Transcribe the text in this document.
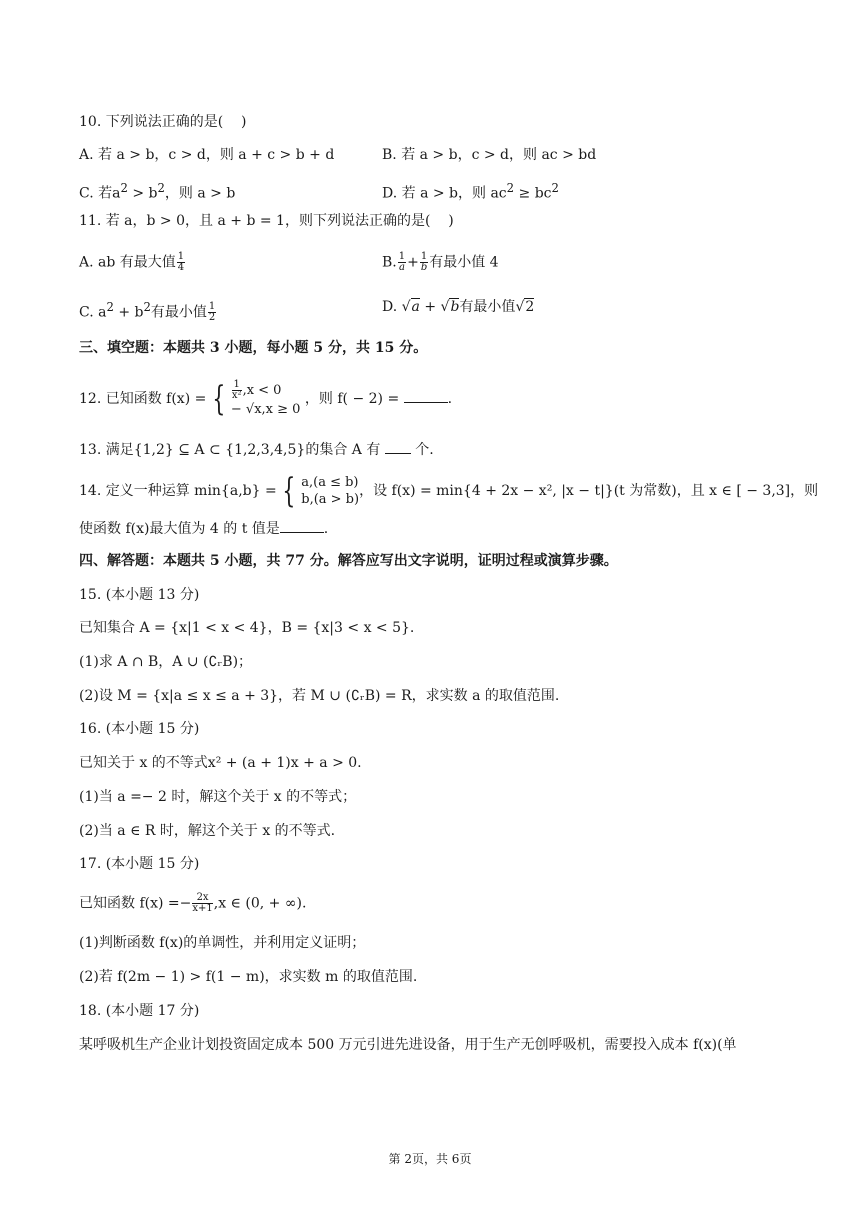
10. 下列说法正确的是(    )
A. 若 a > b，c > d，则 a + c > b + d	B. 若 a > b，c > d，则 ac > bd
C. 若$a^2 > b^2$，则 a > b	D. 若 a > b，则 $ac^2 \ge bc^2$
11. 若 a，b > 0，且 a + b = 1，则下列说法正确的是(    )
A. ab 有最大值 $\frac{1}{4}$	B. $\frac{1}{a} + \frac{1}{b}$ 有最小值 4
C. $a^2 + b^2$有最小值 $\frac{1}{2}$	D. √a + √b有最小值√2
三、填空题：本题共 3 小题，每小题 5 分，共 15 分。
12. 已知函数 f(x) = { $\frac{1}{\text{x²}} ,x < 0$
− √x,x ≥ 0
，则 f( − 2) =	.
13. 满足{1,2} ⊆ A ⊂ {1,2,3,4,5}的集合 A 有 个.
14. 定义一种运算 min{a,b} = { a,(a ≤ b)
b,(a > b)
，设 f(x) = min{4 + 2x − x², |x − t|}(t 为常数)，且 x ∈ [ − 3,3]，则
使函数 f(x)最大值为 4 的 t 值是	.
四、解答题：本题共 5 小题，共 77 分。解答应写出文字说明，证明过程或演算步骤。
15. (本小题 13 分)
已知集合 A = {x|1 < x < 4}，B = {x|3 < x < 5}.
(1)求 A ∩ B，A ∪ (∁ᵣB)；
(2)设 M = {x|a ≤ x ≤ a + 3}，若 M ∪ (∁ᵣB) = R，求实数 a 的取值范围.
16. (本小题 15 分)
已知关于 x 的不等式x² + (a + 1)x + a > 0.
(1)当 a =− 2 时，解这个关于 x 的不等式；
(2)当 a ∈ R 时，解这个关于 x 的不等式.
17. (本小题 15 分)
已知函数 $f(x) =- \frac{2x}{x+1} ,x$ ∈ (0, + ∞).
(1)判断函数 f(x)的单调性，并利用定义证明；
(2)若 f(2m − 1) > f(1 − m)，求实数 m 的取值范围.
18. (本小题 17 分)
某呼吸机生产企业计划投资固定成本 500 万元引进先进设备，用于生产无创呼吸机，需要投入成本 f(x)(单
第 2页，共 6页
